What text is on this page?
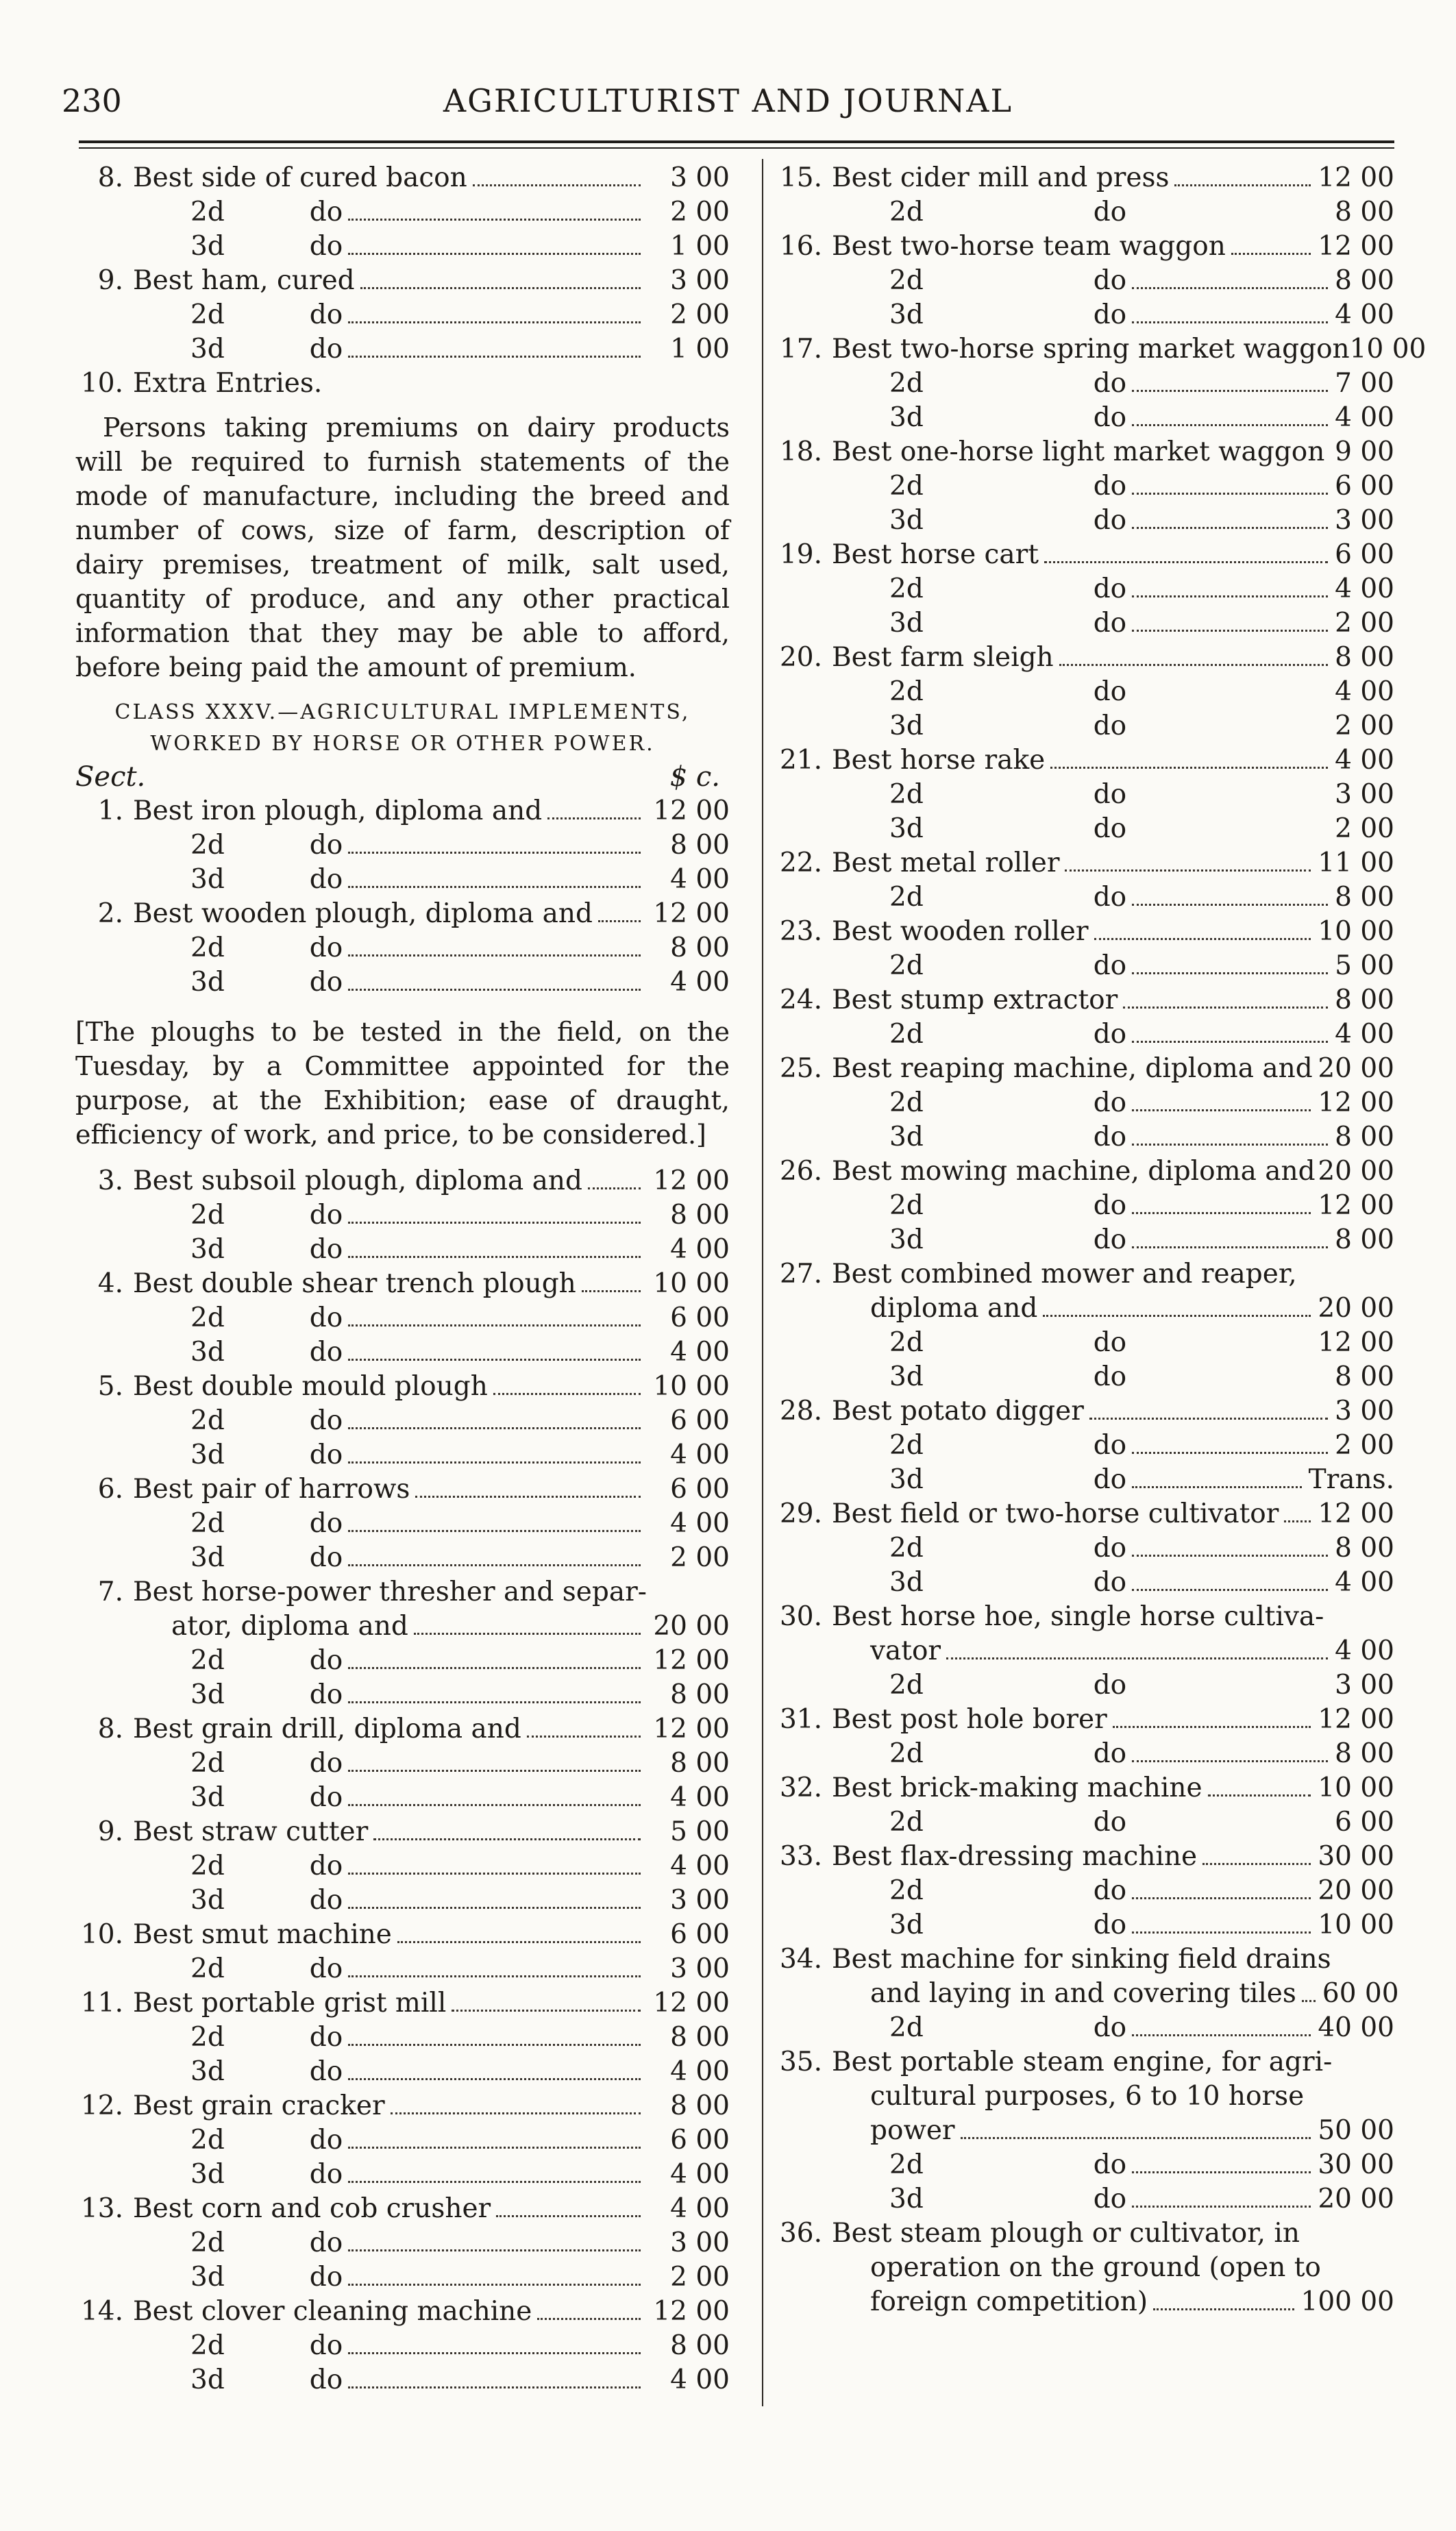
230	AGRICULTURIST AND JOURNAL
8. Best side of cured bacon	3 00
2d          do	2 00
3d          do	1 00
9. Best ham, cured	3 00
2d          do	2 00
3d          do	1 00
10. Extra Entries.

Persons taking premiums on dairy products will be required to furnish statements of the mode of manufacture, including the breed and number of cows, size of farm, description of dairy premises, treatment of milk, salt used, quantity of produce, and any other practical information that they may be able to afford, before being paid the amount of premium.

CLASS XXXV.—AGRICULTURAL IMPLEMENTS, WORKED BY HORSE OR OTHER POWER.
Sect.	$ c.
1. Best iron plough, diploma and	12 00
2d          do	8 00
3d          do	4 00
2. Best wooden plough, diploma and 12 00
2d          do	8 00
3d          do	4 00

[The ploughs to be tested in the field, on the Tuesday, by a Committee appointed for the purpose, at the Exhibition; ease of draught, efficiency of work, and price, to be considered.]

3. Best subsoil plough, diploma and	12 00
2d          do	8 00
3d          do	4 00
4. Best double shear trench plough	10 00
2d          do	6 00
3d          do	4 00
5. Best double mould plough	10 00
2d          do	6 00
3d          do	4 00
6. Best pair of harrows	6 00
2d          do	4 00
3d          do	2 00
7. Best horse-power thresher and separ-
ator, diploma and	20 00
2d          do	12 00
3d          do	8 00
8. Best grain drill, diploma and	12 00
2d          do	8 00
3d          do	4 00
9. Best straw cutter	5 00
2d          do	4 00
3d          do	3 00
10. Best smut machine	6 00
2d          do	3 00
11. Best portable grist mill	12 00
2d          do	8 00
3d          do	4 00
12. Best grain cracker	8 00
2d          do	6 00
3d          do	4 00
13. Best corn and cob crusher	4 00
2d          do	3 00
3d          do	2 00
14. Best clover cleaning machine	12 00
2d          do	8 00
3d          do	4 00
15. Best cider mill and press	12 00
2d                    do	8 00
16. Best two-horse team waggon	12 00
2d                    do	8 00
3d                    do	4 00
17. Best two-horse spring market waggon 10 00
2d                    do	7 00
3d                    do	4 00
18. Best one-horse light market waggon 9 00
2d                    do	6 00
3d                    do	3 00
19. Best horse cart	6 00
2d                    do	4 00
3d                    do	2 00
20. Best farm sleigh	8 00
2d                    do	4 00
3d                    do	2 00
21. Best horse rake	4 00
2d                    do	3 00
3d                    do	2 00
22. Best metal roller	11 00
2d                    do	8 00
23. Best wooden roller	10 00
2d                    do	5 00
24. Best stump extractor	8 00
2d                    do	4 00
25. Best reaping machine, diploma and 20 00
2d                    do	12 00
3d                    do	8 00
26. Best mowing machine, diploma and 20 00
2d                    do	12 00
3d                    do	8 00
27. Best combined mower and reaper,
diploma and	20 00
2d                    do	12 00
3d                    do	8 00
28. Best potato digger	3 00
2d                    do	2 00
3d                    do	Trans.
29. Best field or two-horse cultivator 12 00
2d                    do	8 00
3d                    do	4 00
30. Best horse hoe, single horse cultiva-
vator	4 00
2d                    do	3 00
31. Best post hole borer	12 00
2d                    do	8 00
32. Best brick-making machine	10 00
2d                    do	6 00
33. Best flax-dressing machine	30 00
2d                    do	20 00
3d                    do	10 00
34. Best machine for sinking field drains
and laying in and covering tiles 60 00
2d                    do	40 00
35. Best portable steam engine, for agri-
cultural purposes, 6 to 10 horse
power	50 00
2d                    do	30 00
3d                    do	20 00
36. Best steam plough or cultivator, in
operation on the ground (open to
foreign competition)	100 00
